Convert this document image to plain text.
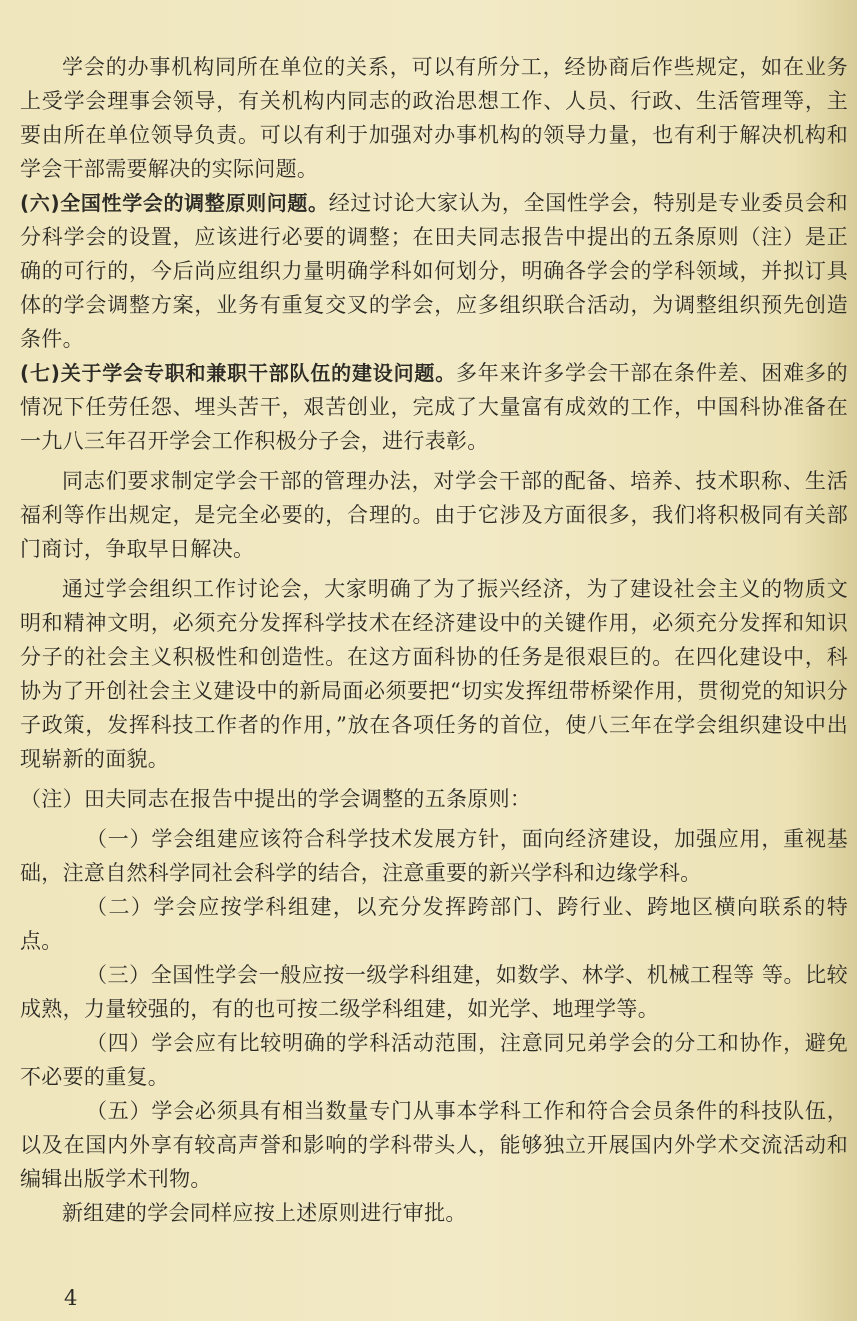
学会的办事机构同所在单位的关系，可以有所分工，经协商后作些规定，如在业务上受学会理事会领导，有关机构内同志的政治思想工作、人员、行政、生活管理等，主要由所在单位领导负责。可以有利于加强对办事机构的领导力量，也有利于解决机构和学会干部需要解决的实际问题。

(六)全国性学会的调整原则问题。经过讨论大家认为，全国性学会，特别是专业委员会和分科学会的设置，应该进行必要的调整；在田夫同志报告中提出的五条原则（注）是正确的可行的，今后尚应组织力量明确学科如何划分，明确各学会的学科领域，并拟订具体的学会调整方案，业务有重复交叉的学会，应多组织联合活动，为调整组织预先创造条件。

(七)关于学会专职和兼职干部队伍的建设问题。多年来许多学会干部在条件差、困难多的情况下任劳任怨、埋头苦干，艰苦创业，完成了大量富有成效的工作，中国科协准备在一九八三年召开学会工作积极分子会，进行表彰。

同志们要求制定学会干部的管理办法，对学会干部的配备、培养、技术职称、生活福利等作出规定，是完全必要的，合理的。由于它涉及方面很多，我们将积极同有关部门商讨，争取早日解决。

通过学会组织工作讨论会，大家明确了为了振兴经济，为了建设社会主义的物质文明和精神文明，必须充分发挥科学技术在经济建设中的关键作用，必须充分发挥和知识分子的社会主义积极性和创造性。在这方面科协的任务是很艰巨的。在四化建设中，科协为了开创社会主义建设中的新局面必须要把“切实发挥纽带桥梁作用，贯彻党的知识分子政策，发挥科技工作者的作用，”放在各项任务的首位，使八三年在学会组织建设中出现崭新的面貌。

（注）田夫同志在报告中提出的学会调整的五条原则：

（一）学会组建应该符合科学技术发展方针，面向经济建设，加强应用，重视基础，注意自然科学同社会科学的结合，注意重要的新兴学科和边缘学科。

（二）学会应按学科组建，以充分发挥跨部门、跨行业、跨地区横向联系的特点。

（三）全国性学会一般应按一级学科组建，如数学、林学、机械工程等 等。比较成熟，力量较强的，有的也可按二级学科组建，如光学、地理学等。

（四）学会应有比较明确的学科活动范围，注意同兄弟学会的分工和协作，避免不必要的重复。

（五）学会必须具有相当数量专门从事本学科工作和符合会员条件的科技队伍，以及在国内外享有较高声誉和影响的学科带头人，能够独立开展国内外学术交流活动和编辑出版学术刊物。

新组建的学会同样应按上述原则进行审批。

4
